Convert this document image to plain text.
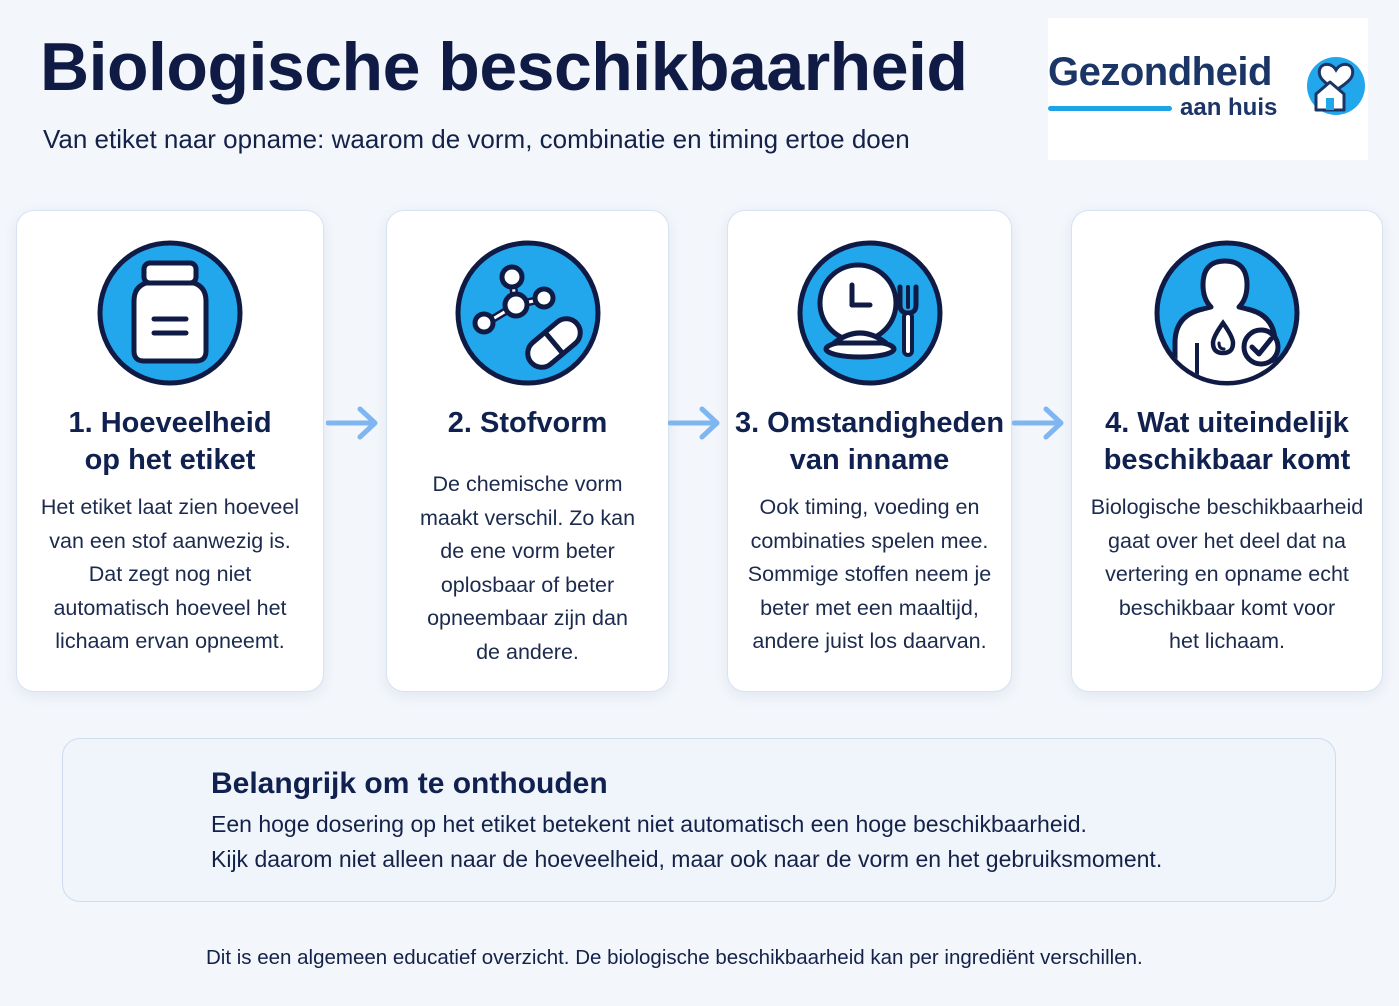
Biologische beschikbaarheid
Van etiket naar opname: waarom de vorm, combinatie en timing ertoe doen
Gezondheid
aan huis
1. Hoeveelheid
op het etiket
Het etiket laat zien hoeveel
van een stof aanwezig is.
Dat zegt nog niet
automatisch hoeveel het
lichaam ervan opneemt.
2. Stofvorm
De chemische vorm
maakt verschil. Zo kan
de ene vorm beter
oplosbaar of beter
opneembaar zijn dan
de andere.
3. Omstandigheden
van inname
Ook timing, voeding en
combinaties spelen mee.
Sommige stoffen neem je
beter met een maaltijd,
andere juist los daarvan.
4. Wat uiteindelijk
beschikbaar komt
Biologische beschikbaarheid
gaat over het deel dat na
vertering en opname echt
beschikbaar komt voor
het lichaam.
Belangrijk om te onthouden
Een hoge dosering op het etiket betekent niet automatisch een hoge beschikbaarheid.
Kijk daarom niet alleen naar de hoeveelheid, maar ook naar de vorm en het gebruiksmoment.
Dit is een algemeen educatief overzicht. De biologische beschikbaarheid kan per ingrediënt verschillen.
